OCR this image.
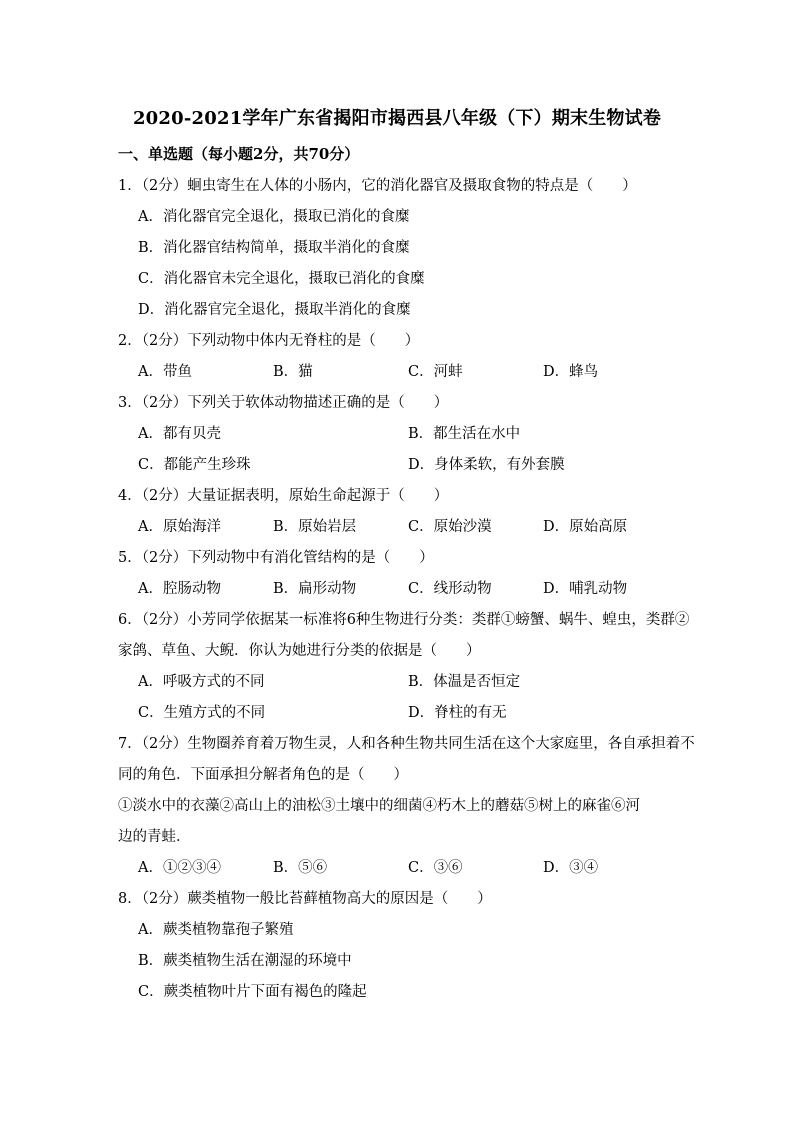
2020-2021学年广东省揭阳市揭西县八年级（下）期末生物试卷
一、单选题（每小题2分，共70分）
1．（2分）蛔虫寄生在人体的小肠内，它的消化器官及摄取食物的特点是（　　）
A．消化器官完全退化，摄取已消化的食糜
B．消化器官结构简单，摄取半消化的食糜
C．消化器官未完全退化，摄取已消化的食糜
D．消化器官完全退化，摄取半消化的食糜
2．（2分）下列动物中体内无脊柱的是（　　）
A．带鱼	B．猫	C．河蚌	D．蜂鸟
3．（2分）下列关于软体动物描述正确的是（　　）
A．都有贝壳	B．都生活在水中
C．都能产生珍珠	D．身体柔软，有外套膜
4．（2分）大量证据表明，原始生命起源于（　　）
A．原始海洋	B．原始岩层	C．原始沙漠	D．原始高原
5．（2分）下列动物中有消化管结构的是（　　）
A．腔肠动物	B．扁形动物	C．线形动物	D．哺乳动物
6．（2分）小芳同学依据某一标准将6种生物进行分类：类群①螃蟹、蜗牛、蝗虫，类群②
家鸽、草鱼、大鲵．你认为她进行分类的依据是（　　）
A．呼吸方式的不同	B．体温是否恒定
C．生殖方式的不同	D．脊柱的有无
7．（2分）生物圈养育着万物生灵，人和各种生物共同生活在这个大家庭里，各自承担着不
同的角色．下面承担分解者角色的是（　　）
①淡水中的衣藻②高山上的油松③土壤中的细菌④朽木上的蘑菇⑤树上的麻雀⑥河
边的青蛙．
A．①②③④	B．⑤⑥	C．③⑥	D．③④
8．（2分）蕨类植物一般比苔藓植物高大的原因是（　　）
A．蕨类植物靠孢子繁殖
B．蕨类植物生活在潮湿的环境中
C．蕨类植物叶片下面有褐色的隆起
